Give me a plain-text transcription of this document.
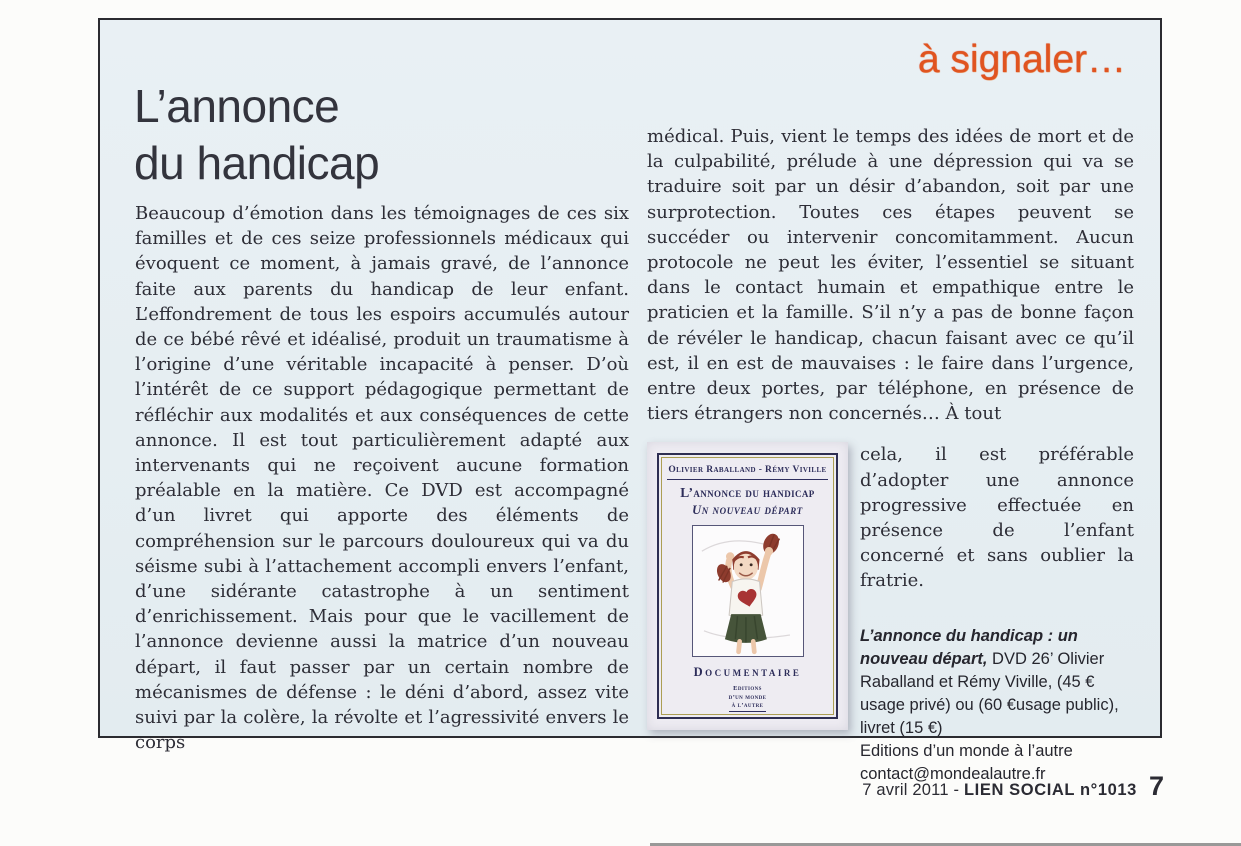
à signaler…
L’annonce
du handicap

Beaucoup d’émotion dans les témoignages de ces six familles et de ces seize professionnels médicaux qui évoquent ce moment, à jamais gravé, de l’annonce faite aux parents du handicap de leur enfant. L’effondrement de tous les espoirs accumulés autour de ce bébé rêvé et idéalisé, produit un traumatisme à l’origine d’une véritable incapacité à penser. D’où l’intérêt de ce support pédagogique permettant de réfléchir aux modalités et aux conséquences de cette annonce. Il est tout particulièrement adapté aux intervenants qui ne reçoivent aucune formation préalable en la matière. Ce DVD est accompagné d’un livret qui apporte des éléments de compréhension sur le parcours douloureux qui va du séisme subi à l’attachement accompli envers l’enfant, d’une sidérante catastrophe à un sentiment d’enrichissement. Mais pour que le vacillement de l’annonce devienne aussi la matrice d’un nouveau départ, il faut passer par un certain nombre de mécanismes de défense : le déni d’abord, assez vite suivi par la colère, la révolte et l’agressivité envers le corps

médical. Puis, vient le temps des idées de mort et de la culpabilité, prélude à une dépression qui va se traduire soit par un désir d’abandon, soit par une surprotection. Toutes ces étapes peuvent se succéder ou intervenir concomitamment. Aucun protocole ne peut les éviter, l’essentiel se situant dans le contact humain et empathique entre le praticien et la famille. S’il n’y a pas de bonne façon de révéler le handicap, chacun faisant avec ce qu’il est, il en est de mauvaises : le faire dans l’urgence, entre deux portes, par téléphone, en présence de tiers étrangers non concernés… À tout

Olivier Raballand - Rémy Viville
L’annonce du handicap
Un nouveau départ
Documentaire
Editions
d’un monde
à l’autre

cela, il est préférable d’adopter une annonce progressive effectuée en présence de l’enfant concerné et sans oublier la fratrie.

L’annonce du handicap : un nouveau départ, DVD 26’ Olivier Raballand et Rémy Viville, (45 € usage privé) ou (60 €usage public), livret (15 €)
Editions d’un monde à l’autre
contact@mondealautre.fr
7 avril 2011 - LIEN SOCIAL n°1013 7
